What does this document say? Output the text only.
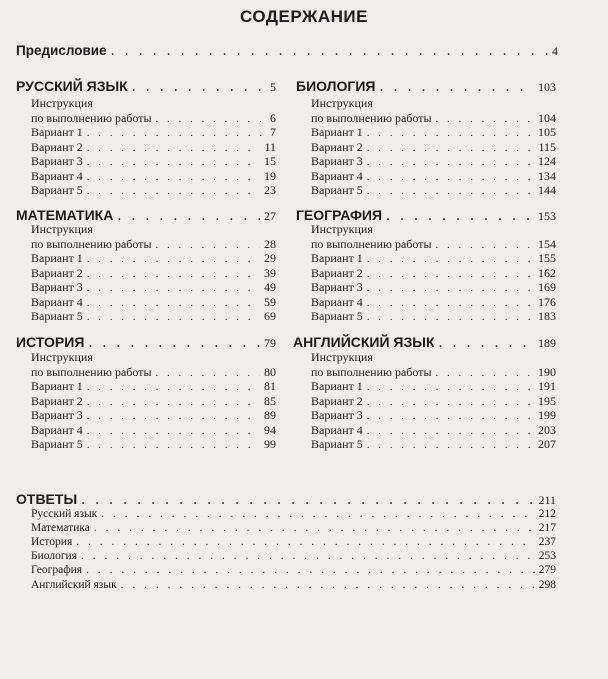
СОДЕРЖАНИЕ
Предисловие . . .	4
РУССКИЙ ЯЗЫК . . .	5
Инструкция
по выполнению работы . . .	6
Вариант 1 . . .	7
Вариант 2 . . .	11
Вариант 3 . . .	15
Вариант 4 . . .	19
Вариант 5 . . .	23
МАТЕМАТИКА . . .	27
Инструкция
по выполнению работы . . .	28
Вариант 1 . . .	29
Вариант 2 . . .	39
Вариант 3 . . .	49
Вариант 4 . . .	59
Вариант 5 . . .	69
ИСТОРИЯ . . .	79
Инструкция
по выполнению работы . . .	80
Вариант 1 . . .	81
Вариант 2 . . .	85
Вариант 3 . . .	89
Вариант 4 . . .	94
Вариант 5 . . .	99
БИОЛОГИЯ . . .	103
Инструкция
по выполнению работы . . .	104
Вариант 1 . . .	105
Вариант 2 . . .	115
Вариант 3 . . .	124
Вариант 4 . . .	134
Вариант 5 . . .	144
ГЕОГРАФИЯ . . .	153
Инструкция
по выполнению работы . . .	154
Вариант 1 . . .	155
Вариант 2 . . .	162
Вариант 3 . . .	169
Вариант 4 . . .	176
Вариант 5 . . .	183
АНГЛИЙСКИЙ ЯЗЫК . . .	189
Инструкция
по выполнению работы . . .	190
Вариант 1 . . .	191
Вариант 2 . . .	195
Вариант 3 . . .	199
Вариант 4 . . .	203
Вариант 5 . . .	207
ОТВЕТЫ . . .	211
Русский язык . . .	212
Математика . . .	217
История . . .	237
Биология . . .	253
География . . .	279
Английский язык . . .	298
